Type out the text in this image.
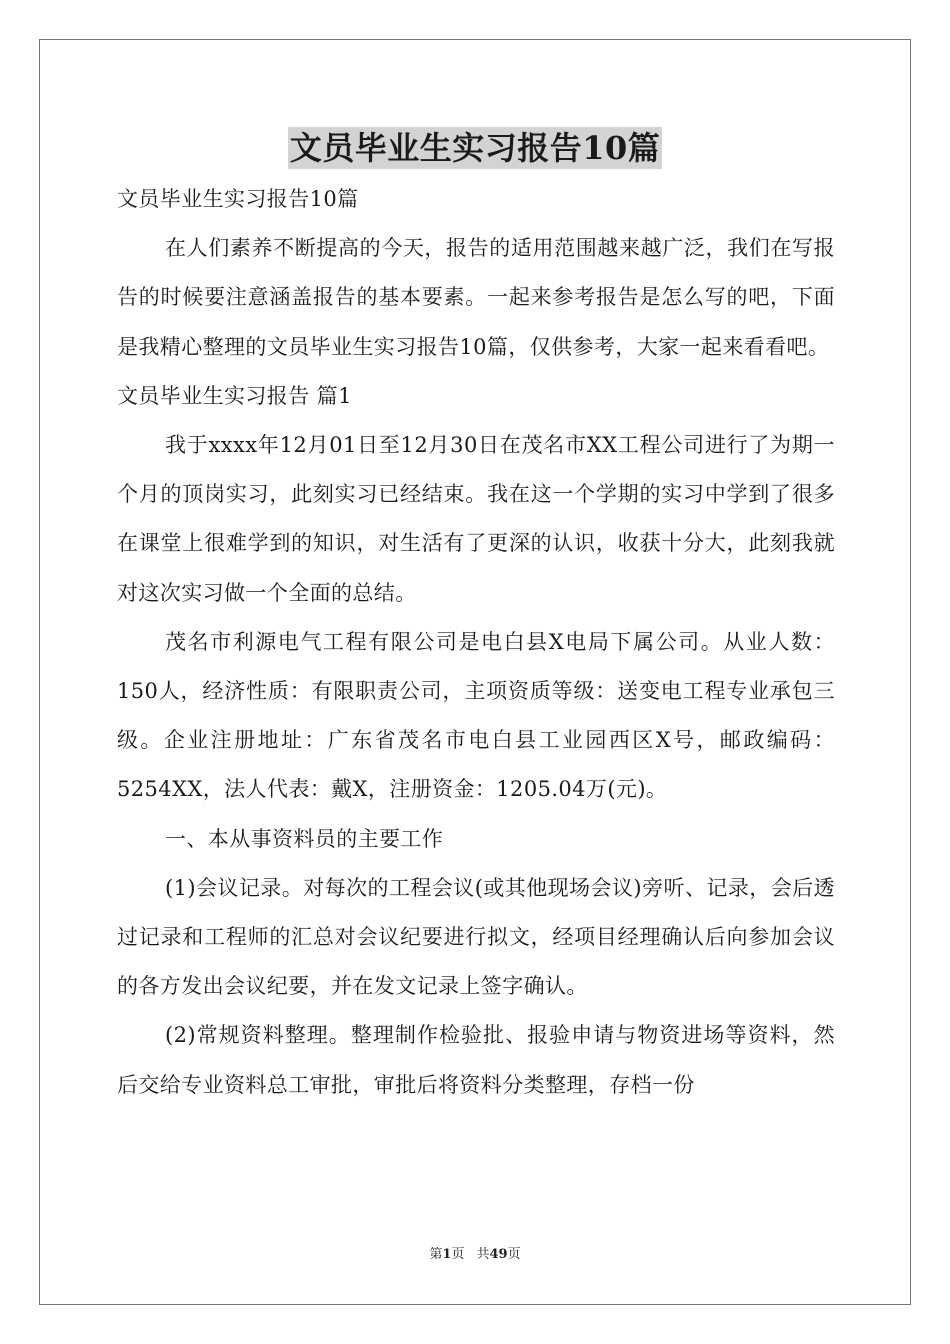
文员毕业生实习报告10篇

文员毕业生实习报告10篇

在人们素养不断提高的今天，报告的适用范围越来越广泛，我们在写报告的时候要注意涵盖报告的基本要素。一起来参考报告是怎么写的吧，下面是我精心整理的文员毕业生实习报告10篇，仅供参考，大家一起来看看吧。

文员毕业生实习报告 篇1

我于xxxx年12月01日至12月30日在茂名市XX工程公司进行了为期一个月的顶岗实习，此刻实习已经结束。我在这一个学期的实习中学到了很多在课堂上很难学到的知识，对生活有了更深的认识，收获十分大，此刻我就对这次实习做一个全面的总结。

茂名市利源电气工程有限公司是电白县X电局下属公司。从业人数：150人，经济性质：有限职责公司，主项资质等级：送变电工程专业承包三级。企业注册地址：广东省茂名市电白县工业园西区X号，邮政编码：5254XX，法人代表：戴X，注册资金：1205.04万(元)。

一、本从事资料员的主要工作

(1)会议记录。对每次的工程会议(或其他现场会议)旁听、记录，会后透过记录和工程师的汇总对会议纪要进行拟文，经项目经理确认后向参加会议的各方发出会议纪要，并在发文记录上签字确认。

(2)常规资料整理。整理制作检验批、报验申请与物资进场等资料，然后交给专业资料总工审批，审批后将资料分类整理，存档一份

第1页 共49页
